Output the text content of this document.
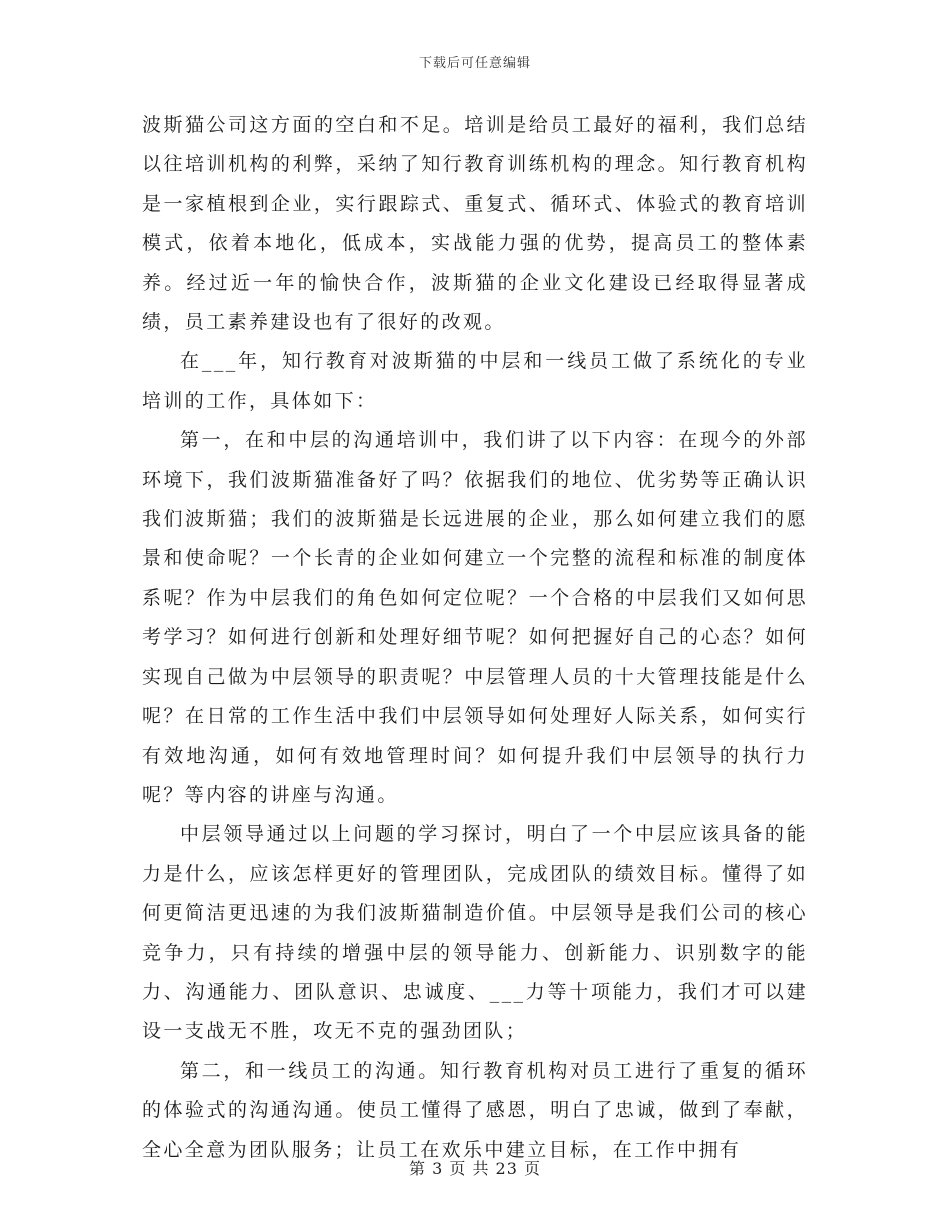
下载后可任意编辑

波斯猫公司这方面的空白和不足。培训是给员工最好的福利，我们总结以往培训机构的利弊，采纳了知行教育训练机构的理念。知行教育机构是一家植根到企业，实行跟踪式、重复式、循环式、体验式的教育培训模式，依着本地化，低成本，实战能力强的优势，提高员工的整体素养。经过近一年的愉快合作，波斯猫的企业文化建设已经取得显著成绩，员工素养建设也有了很好的改观。

在___年，知行教育对波斯猫的中层和一线员工做了系统化的专业培训的工作，具体如下：

第一，在和中层的沟通培训中，我们讲了以下内容：在现今的外部环境下，我们波斯猫准备好了吗？依据我们的地位、优劣势等正确认识我们波斯猫；我们的波斯猫是长远进展的企业，那么如何建立我们的愿景和使命呢？一个长青的企业如何建立一个完整的流程和标准的制度体系呢？作为中层我们的角色如何定位呢？一个合格的中层我们又如何思考学习？如何进行创新和处理好细节呢？如何把握好自己的心态？如何实现自己做为中层领导的职责呢？中层管理人员的十大管理技能是什么呢？在日常的工作生活中我们中层领导如何处理好人际关系，如何实行有效地沟通，如何有效地管理时间？如何提升我们中层领导的执行力呢？等内容的讲座与沟通。

中层领导通过以上问题的学习探讨，明白了一个中层应该具备的能力是什么，应该怎样更好的管理团队，完成团队的绩效目标。懂得了如何更简洁更迅速的为我们波斯猫制造价值。中层领导是我们公司的核心竞争力，只有持续的增强中层的领导能力、创新能力、识别数字的能力、沟通能力、团队意识、忠诚度、___力等十项能力，我们才可以建设一支战无不胜，攻无不克的强劲团队；

第二，和一线员工的沟通。知行教育机构对员工进行了重复的循环的体验式的沟通沟通。使员工懂得了感恩，明白了忠诚，做到了奉献，全心全意为团队服务；让员工在欢乐中建立目标，在工作中拥有

第 3 页 共 23 页
